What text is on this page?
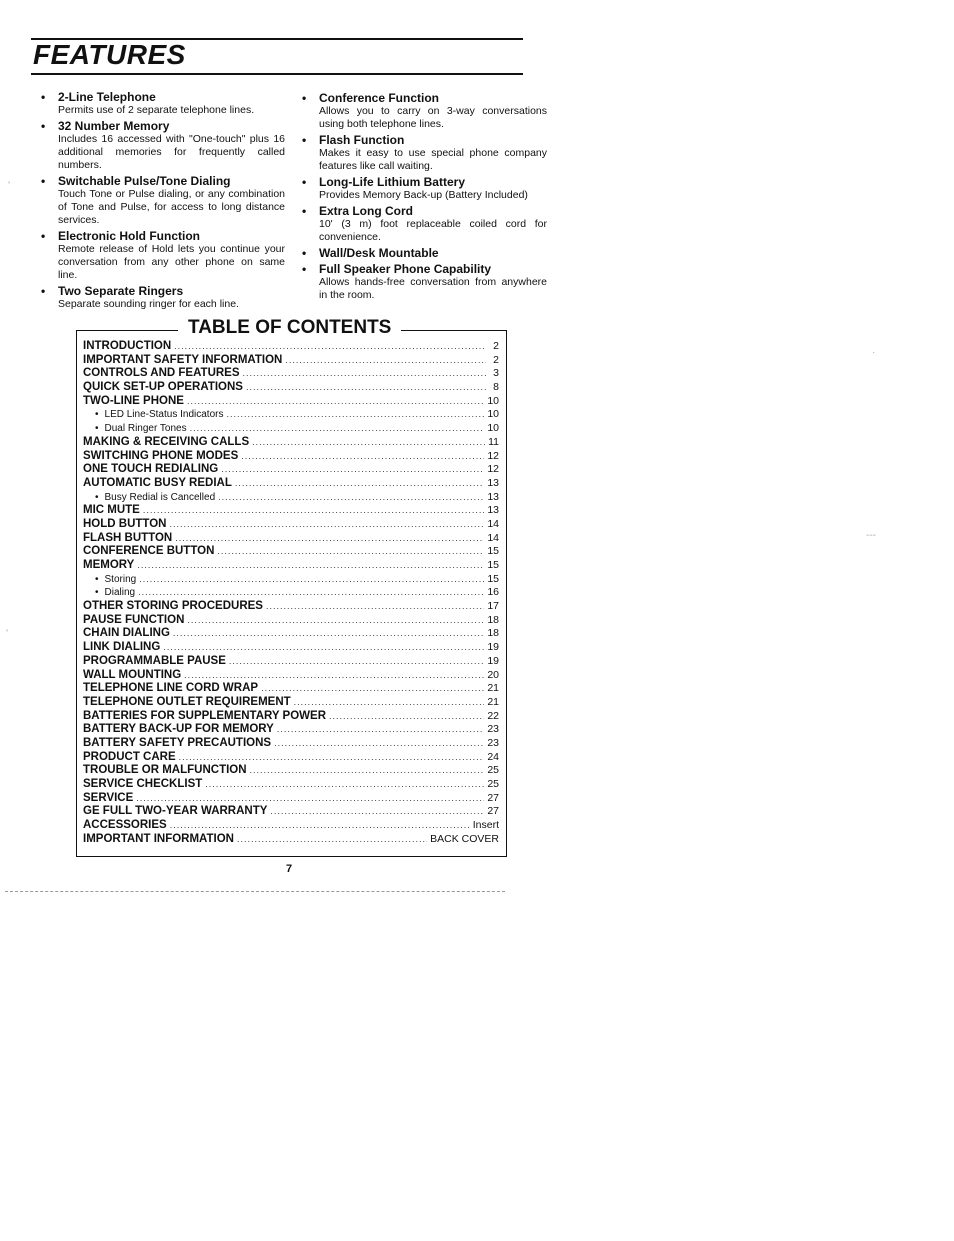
FEATURES
• 2-Line Telephone
Permits use of 2 separate telephone lines.
• 32 Number Memory
Includes 16 accessed with "One-touch" plus 16 additional memories for frequently called numbers.
• Switchable Pulse/Tone Dialing
Touch Tone or Pulse dialing, or any combination of Tone and Pulse, for access to long distance services.
• Electronic Hold Function
Remote release of Hold lets you continue your conversation from any other phone on same line.
• Two Separate Ringers
Separate sounding ringer for each line.
• Conference Function
Allows you to carry on 3-way conversations using both telephone lines.
• Flash Function
Makes it easy to use special phone company features like call waiting.
• Long-Life Lithium Battery
Provides Memory Back-up (Battery Included)
• Extra Long Cord
10' (3 m) foot replaceable coiled cord for convenience.
• Wall/Desk Mountable
• Full Speaker Phone Capability
Allows hands-free conversation from anywhere in the room.
TABLE OF CONTENTS
INTRODUCTION .....	2
IMPORTANT SAFETY INFORMATION .....	2
CONTROLS AND FEATURES .....	3
QUICK SET-UP OPERATIONS .....	8
TWO-LINE PHONE .....	10
• LED Line-Status Indicators .....	10
• Dual Ringer Tones .....	10
MAKING & RECEIVING CALLS .....	11
SWITCHING PHONE MODES .....	12
ONE TOUCH REDIALING .....	12
AUTOMATIC BUSY REDIAL .....	13
• Busy Redial is Cancelled .....	13
MIC MUTE .....	13
HOLD BUTTON .....	14
FLASH BUTTON .....	14
CONFERENCE BUTTON .....	15
MEMORY .....	15
• Storing .....	15
• Dialing .....	16
OTHER STORING PROCEDURES .....	17
PAUSE FUNCTION .....	18
CHAIN DIALING .....	18
LINK DIALING .....	19
PROGRAMMABLE PAUSE .....	19
WALL MOUNTING .....	20
TELEPHONE LINE CORD WRAP .....	21
TELEPHONE OUTLET REQUIREMENT .....	21
BATTERIES FOR SUPPLEMENTARY POWER .....	22
BATTERY BACK-UP FOR MEMORY .....	23
BATTERY SAFETY PRECAUTIONS .....	23
PRODUCT CARE .....	24
TROUBLE OR MALFUNCTION .....	25
SERVICE CHECKLIST .....	25
SERVICE .....	27
GE FULL TWO-YEAR WARRANTY .....	27
ACCESSORIES .....	Insert
IMPORTANT INFORMATION .....	BACK COVER
7
‘
‘
·
---
